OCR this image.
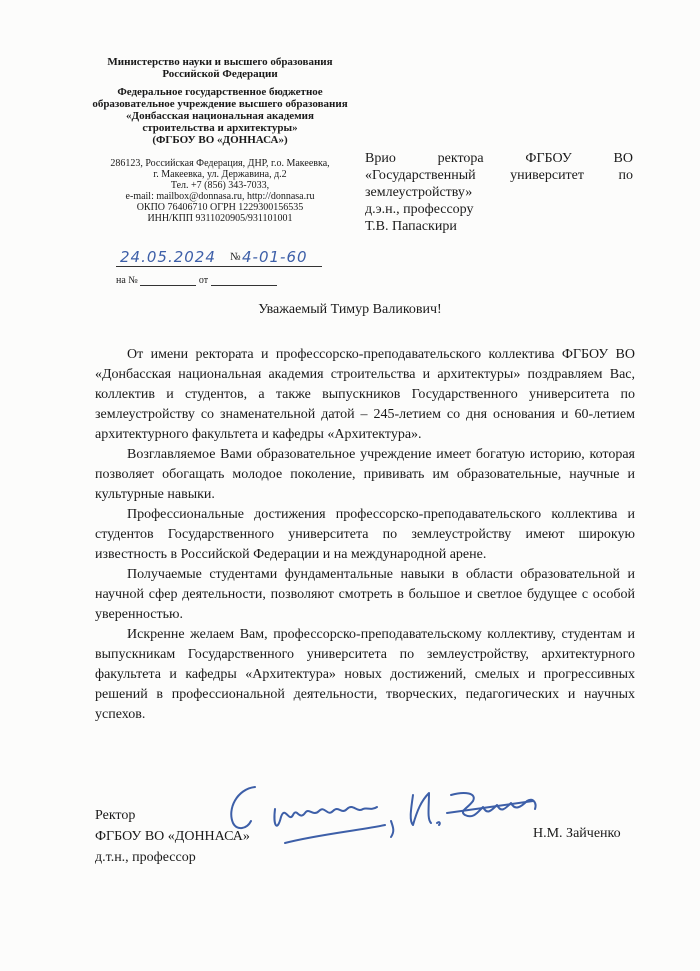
Министерство науки и высшего образования
Российской Федерации
Федеральное государственное бюджетное
образовательное учреждение высшего образования
«Донбасская национальная академия
строительства и архитектуры»
(ФГБОУ ВО «ДОННАСА»)
286123, Российская Федерация, ДНР, г.о. Макеевка,
г. Макеевка, ул. Державина, д.2
Тел. +7 (856) 343-7033,
e-mail: mailbox@donnasa.ru, http://donnasa.ru
ОКПО 76406710 ОГРН 1229300156535
ИНН/КПП 9311020905/931101001
24.05.2024 № 4-01-60
на №	от
Врио	ректора	ФГБОУ	ВО
«Государственный университет по
землеустройству»
д.э.н., профессору
Т.В. Папаскири
Уважаемый Тимур Валикович!

От имени ректората и профессорско-преподавательского коллектива ФГБОУ ВО «Донбасская национальная академия строительства и архитектуры» поздравляем Вас, коллектив и студентов, а также выпускников Государственного университета по землеустройству со знаменательной датой – 245-летием со дня основания и 60-летием архитектурного факультета и кафедры «Архитектура».

Возглавляемое Вами образовательное учреждение имеет богатую историю, которая позволяет обогащать молодое поколение, прививать им образовательные, научные и культурные навыки.

Профессиональные достижения профессорско-преподавательского коллектива и студентов Государственного университета по землеустройству имеют широкую известность в Российской Федерации и на международной арене.

Получаемые студентами фундаментальные навыки в области образовательной и научной сфер деятельности, позволяют смотреть в большое и светлое будущее с особой уверенностью.

Искренне желаем Вам, профессорско-преподавательскому коллективу, студентам и выпускникам Государственного университета по землеустройству, архитектурного факультета и кафедры «Архитектура» новых достижений, смелых и прогрессивных решений в профессиональной деятельности, творческих, педагогических и научных успехов.

Ректор
ФГБОУ ВО «ДОННАСА»
д.т.н., профессор
Н.М. Зайченко
